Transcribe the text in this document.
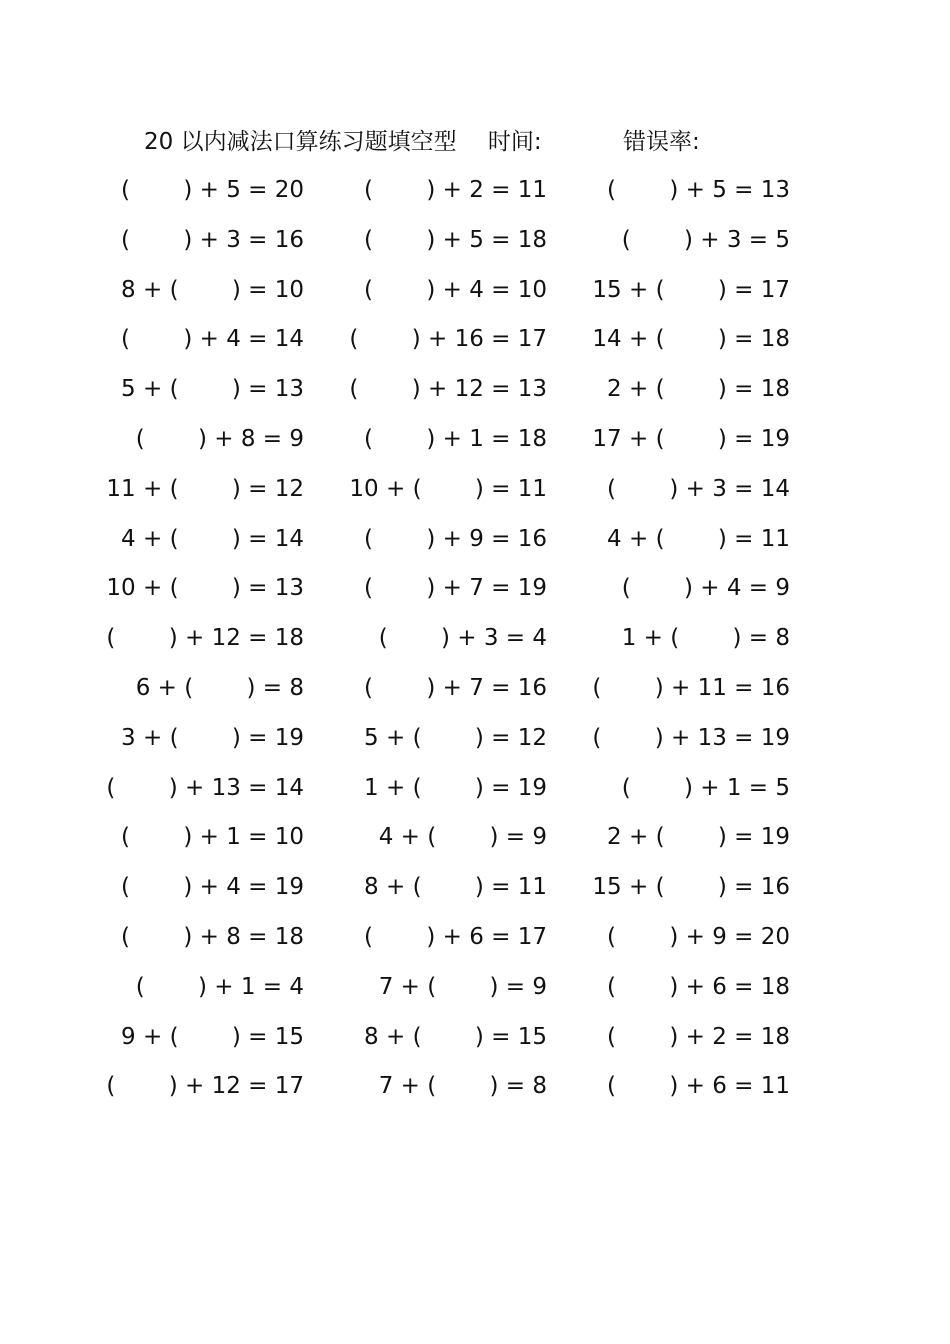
20 以内减法口算练习题填空型 时间:	错误率:
(   ) + 5 = 20	(   ) + 2 = 11	(   ) + 5 = 13
(   ) + 3 = 16	(   ) + 5 = 18	(   ) + 3 = 5
8 + (   ) = 10	(   ) + 4 = 10 15 + (   ) = 17
(   ) + 4 = 14 (   ) + 16 = 17 14 + (   ) = 18
5 + (   ) = 13 (   ) + 12 = 13	2 + (   ) = 18
(   ) + 8 = 9	(   ) + 1 = 18 17 + (   ) = 19
11 + (   ) = 12 10 + (   ) = 11	(   ) + 3 = 14
4 + (   ) = 14	(   ) + 9 = 16	4 + (   ) = 11
10 + (   ) = 13	(   ) + 7 = 19	(   ) + 4 = 9
(   ) + 12 = 18	(   ) + 3 = 4	1 + (   ) = 8
6 + (   ) = 8	(   ) + 7 = 16 (   ) + 11 = 16
3 + (   ) = 19	5 + (   ) = 12 (   ) + 13 = 19
(   ) + 13 = 14	1 + (   ) = 19	(   ) + 1 = 5
(   ) + 1 = 10	4 + (   ) = 9	2 + (   ) = 19
(   ) + 4 = 19	8 + (   ) = 11 15 + (   ) = 16
(   ) + 8 = 18	(   ) + 6 = 17	(   ) + 9 = 20
(   ) + 1 = 4	7 + (   ) = 9	(   ) + 6 = 18
9 + (   ) = 15	8 + (   ) = 15	(   ) + 2 = 18
(   ) + 12 = 17	7 + (   ) = 8	(   ) + 6 = 11
